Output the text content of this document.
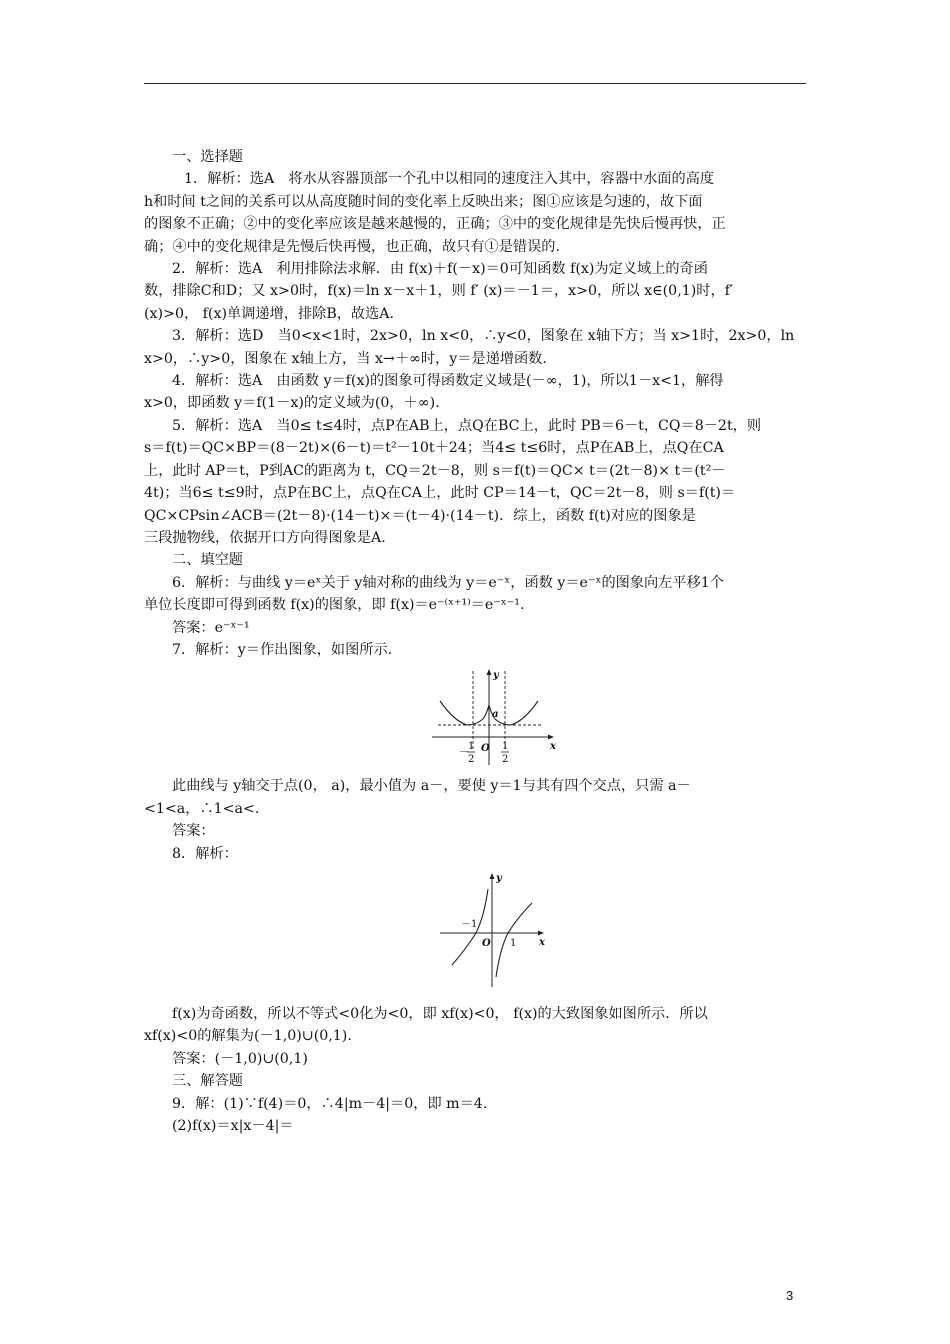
一、选择题

1．解析：选A　将水从容器顶部一个孔中以相同的速度注入其中，容器中水面的高度

h和时间 t之间的关系可以从高度随时间的变化率上反映出来；图①应该是匀速的，故下面

的图象不正确；②中的变化率应该是越来越慢的，正确；③中的变化规律是先快后慢再快，正

确；④中的变化规律是先慢后快再慢，也正确，故只有①是错误的.

2．解析：选A　利用排除法求解．由 f(x)＋f(－x)＝0可知函数 f(x)为定义域上的奇函

数，排除C和D；又 x>0时，f(x)＝ln x－x＋1，则 f′ (x)＝－1＝，x>0，所以 x∈(0,1)时，f′

(x)>0， f(x)单调递增，排除B，故选A.

3．解析：选D　当0<x<1时，2x>0，ln x<0，∴y<0，图象在 x轴下方；当 x>1时，2x>0，ln

x>0，∴y>0，图象在 x轴上方，当 x→＋∞时，y＝是递增函数.

4．解析：选A　由函数 y＝f(x)的图象可得函数定义域是(－∞，1)，所以1－x<1，解得

x>0，即函数 y＝f(1－x)的定义域为(0，＋∞).

5．解析：选A　当0≤ t≤4时，点P在AB上，点Q在BC上，此时 PB＝6－t，CQ＝8－2t，则

s＝f(t)＝QC×BP＝(8－2t)×(6－t)＝t²－10t＋24；当4≤ t≤6时，点P在AB上，点Q在CA

上，此时 AP＝t，P到AC的距离为 t，CQ＝2t－8，则 s＝f(t)＝QC× t＝(2t－8)× t＝(t²－

4t)；当6≤ t≤9时，点P在BC上，点Q在CA上，此时 CP＝14－t，QC＝2t－8，则 s＝f(t)＝

QC×CPsin∠ACB＝(2t－8)·(14－t)×＝(t－4)·(14－t)．综上，函数 f(t)对应的图象是

三段抛物线，依据开口方向得图象是A.

二、填空题

6．解析：与曲线 y＝eˣ关于 y轴对称的曲线为 y＝e⁻ˣ，函数 y＝e⁻ˣ的图象向左平移1个

单位长度即可得到函数 f(x)的图象，即 f(x)＝e⁻⁽ˣ⁺¹⁾＝e⁻ˣ⁻¹.

答案：e⁻ˣ⁻¹

7．解析：y＝作出图象，如图所示.

y
a
O	x
－
1
2
1
2

此曲线与 y轴交于点(0， a)，最小值为 a－，要使 y＝1与其有四个交点，只需 a－

<1<a，∴1<a<.

答案：

8．解析：

y
－1
O 1 x

f(x)为奇函数，所以不等式<0化为<0，即 xf(x)<0， f(x)的大致图象如图所示．所以

xf(x)<0的解集为(－1,0)∪(0,1).

答案：(－1,0)∪(0,1)

三、解答题

9．解：(1)∵f(4)＝0，∴4|m－4|＝0，即 m＝4.

(2)f(x)＝x|x－4|＝

3
